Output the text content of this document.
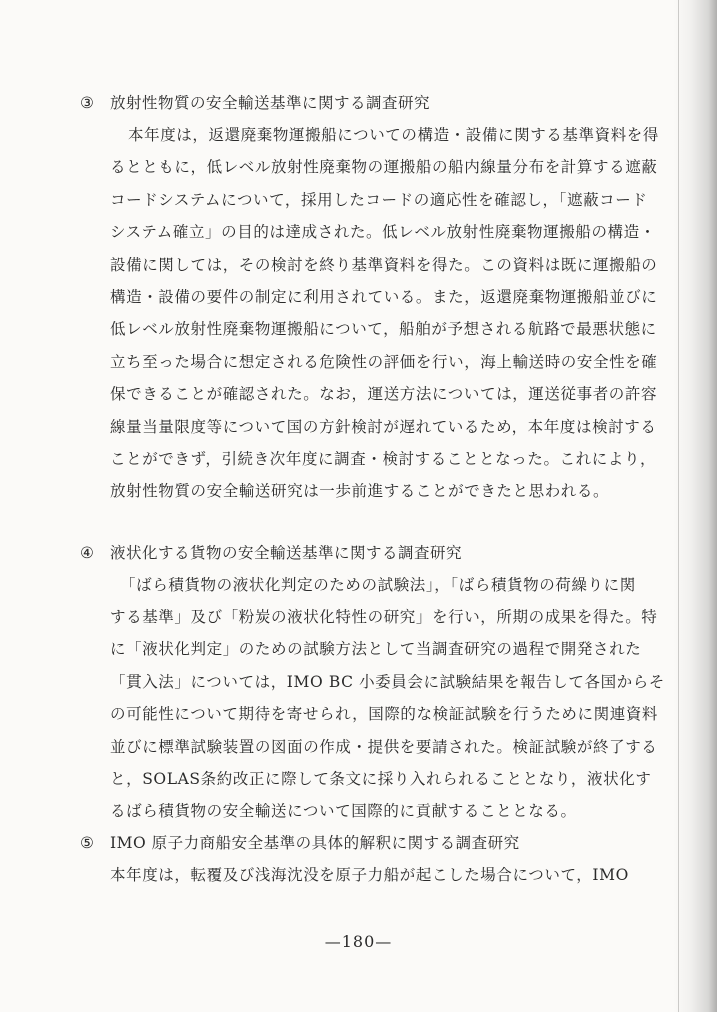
③ 放射性物質の安全輸送基準に関する調査研究
本年度は，返還廃棄物運搬船についての構造・設備に関する基準資料を得
るとともに，低レベル放射性廃棄物の運搬船の船内線量分布を計算する遮蔽
コードシステムについて，採用したコードの適応性を確認し，「遮蔽コード
システム確立」の目的は達成された。低レベル放射性廃棄物運搬船の構造・
設備に関しては，その検討を終り基準資料を得た。この資料は既に運搬船の
構造・設備の要件の制定に利用されている。また，返還廃棄物運搬船並びに
低レベル放射性廃棄物運搬船について，船舶が予想される航路で最悪状態に
立ち至った場合に想定される危険性の評価を行い，海上輸送時の安全性を確
保できることが確認された。なお，運送方法については，運送従事者の許容
線量当量限度等について国の方針検討が遅れているため，本年度は検討する
ことができず，引続き次年度に調査・検討することとなった。これにより，
放射性物質の安全輸送研究は一歩前進することができたと思われる。
④ 液状化する貨物の安全輸送基準に関する調査研究
「ばら積貨物の液状化判定のための試験法」，「ばら積貨物の荷繰りに関
する基準」及び「粉炭の液状化特性の研究」を行い，所期の成果を得た。特
に「液状化判定」のための試験方法として当調査研究の過程で開発された
「貫入法」については，IMO BC 小委員会に試験結果を報告して各国からそ
の可能性について期待を寄せられ，国際的な検証試験を行うために関連資料
並びに標準試験装置の図面の作成・提供を要請された。検証試験が終了する
と，SOLAS条約改正に際して条文に採り入れられることとなり，液状化す
るばら積貨物の安全輸送について国際的に貢献することとなる。
⑤ IMO 原子力商船安全基準の具体的解釈に関する調査研究
本年度は，転覆及び浅海沈没を原子力船が起こした場合について，IMO
—180—
